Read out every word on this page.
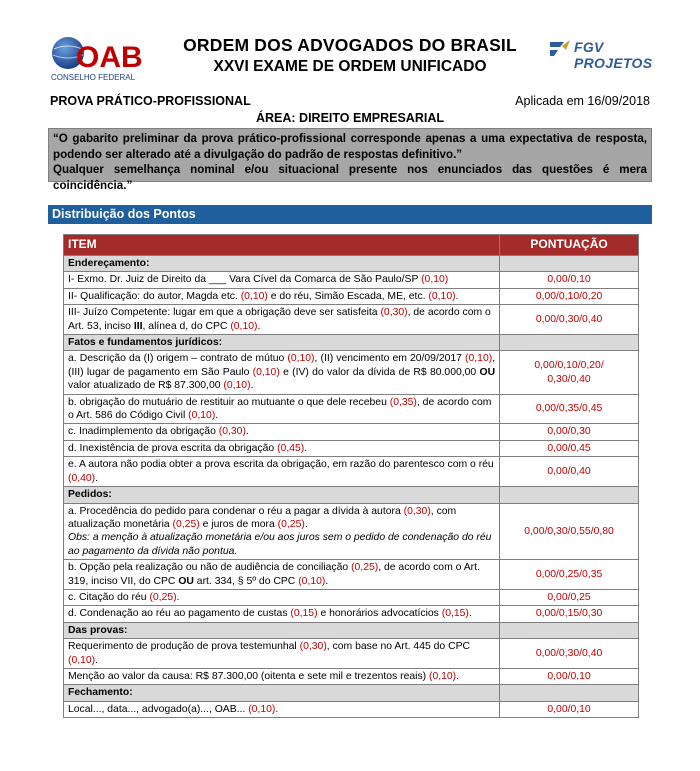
OAB
CONSELHO FEDERAL
ORDEM DOS ADVOGADOS DO BRASIL
XXVI EXAME DE ORDEM UNIFICADO
FGV PROJETOS
PROVA PRÁTICO-PROFISSIONAL	Aplicada em 16/09/2018
ÁREA: DIREITO EMPRESARIAL

“O gabarito preliminar da prova prático-profissional corresponde apenas a uma expectativa de resposta, podendo ser alterado até a divulgação do padrão de respostas definitivo.”

Qualquer semelhança nominal e/ou situacional presente nos enunciados das questões é mera coincidência.”

Distribuição dos Pontos
ITEM	PONTUAÇÃO
Endereçamento:	
I- Exmo. Dr. Juiz de Direito da ___ Vara Cível da Comarca de São Paulo/SP (0,10)	0,00/0,10
II- Qualificação: do autor, Magda etc. (0,10) e do réu, Simão Escada, ME, etc. (0,10).	0,00/0,10/0,20
III- Juízo Competente: lugar em que a obrigação deve ser satisfeita (0,30), de acordo com o Art. 53, inciso III, alínea d, do CPC (0,10).	0,00/0,30/0,40
Fatos e fundamentos jurídicos:	
a. Descrição da (I) origem – contrato de mútuo (0,10), (II) vencimento em 20/09/2017 (0,10), (III) lugar de pagamento em São Paulo (0,10) e (IV) do valor da dívida de R$ 80.000,00 OU valor atualizado de R$ 87.300,00 (0,10).	0,00/0,10/0,20/
0,30/0,40
b. obrigação do mutuário de restituir ao mutuante o que dele recebeu (0,35), de acordo com o Art. 586 do Código Civil (0,10).	0,00/0,35/0,45
c. Inadimplemento da obrigação (0,30).	0,00/0,30
d. Inexistência de prova escrita da obrigação (0,45).	0,00/0,45
e. A autora não podia obter a prova escrita da obrigação, em razão do parentesco com o réu (0,40).	0,00/0,40
Pedidos:	
a. Procedência do pedido para condenar o réu a pagar a dívida à autora (0,30), com atualização monetária (0,25) e juros de mora (0,25).
Obs: a menção à atualização monetária e/ou aos juros sem o pedido de condenação do réu ao pagamento da dívida não pontua.	0,00/0,30/0,55/0,80
b. Opção pela realização ou não de audiência de conciliação (0,25), de acordo com o Art. 319, inciso VII, do CPC OU art. 334, § 5º do CPC (0,10).	0,00/0,25/0,35
c. Citação do réu (0,25).	0,00/0,25
d. Condenação ao réu ao pagamento de custas (0,15) e honorários advocatícios (0,15).	0,00/0,15/0,30
Das provas:	
Requerimento de produção de prova testemunhal (0,30), com base no Art. 445 do CPC (0,10).	0,00/0,30/0,40
Menção ao valor da causa: R$ 87.300,00 (oitenta e sete mil e trezentos reais) (0,10).	0,00/0,10
Fechamento:	
Local..., data..., advogado(a)..., OAB... (0,10).	0,00/0,10
